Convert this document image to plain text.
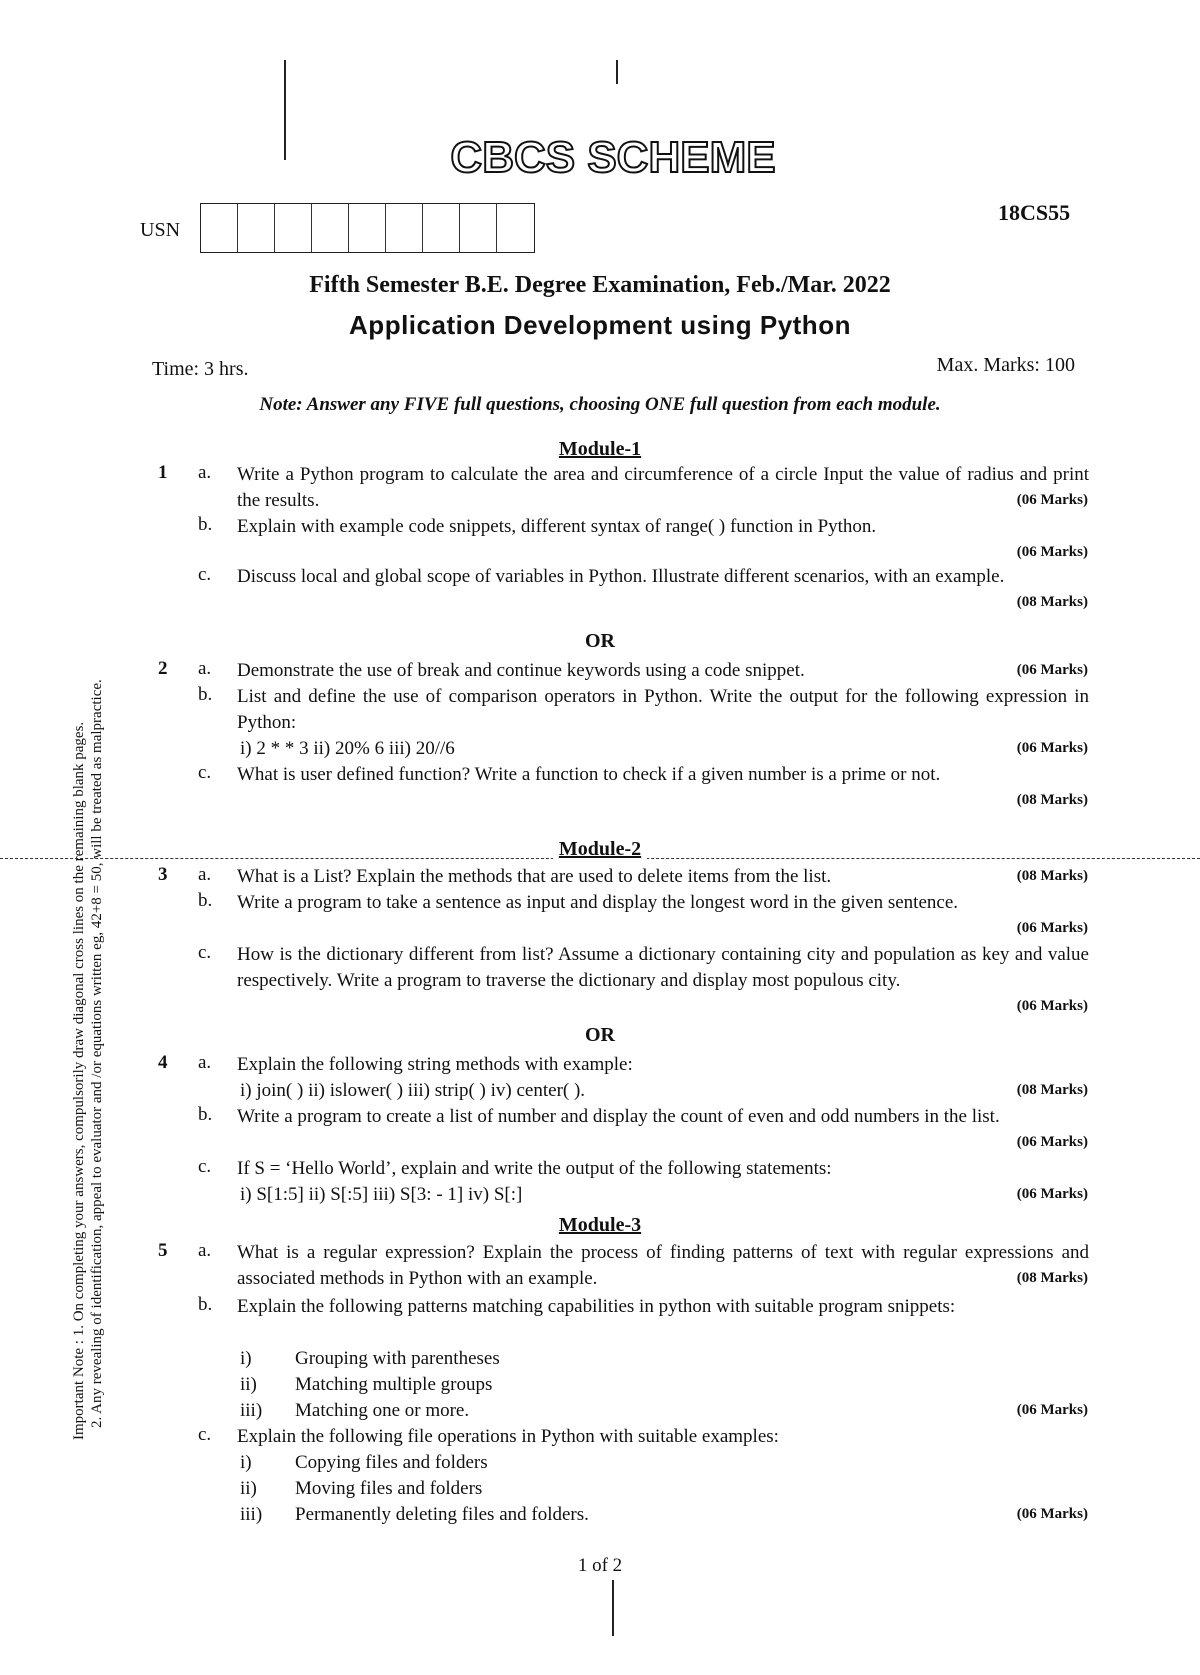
CBCS SCHEME
USN
18CS55
Fifth Semester B.E. Degree Examination, Feb./Mar. 2022
Application Development using Python
Time: 3 hrs.	Max. Marks: 100
Note: Answer any FIVE full questions, choosing ONE full question from each module.
Important Note : 1. On completing your answers, compulsorily draw diagonal cross lines on the remaining blank pages. 2. Any revealing of identification, appeal to evaluator and /or equations written eg, 42+8 = 50, will be treated as malpractice.
Module-1
1 a. Write a Python program to calculate the area and circumference of a circle Input the value of radius and print the results.	(06 Marks)
b. Explain with example code snippets, different syntax of range( ) function in Python.
(06 Marks)
c. Discuss local and global scope of variables in Python. Illustrate different scenarios, with an example.
(08 Marks)
OR
2 a. Demonstrate the use of break and continue keywords using a code snippet.	(06 Marks)
b. List and define the use of comparison operators in Python. Write the output for the following expression in Python:
i) 2 * * 3 ii) 20% 6 iii) 20//6	(06 Marks)
c. What is user defined function? Write a function to check if a given number is a prime or not.
(08 Marks)
Module-2
3 a. What is a List? Explain the methods that are used to delete items from the list.	(08 Marks)
b. Write a program to take a sentence as input and display the longest word in the given sentence.
(06 Marks)
c. How is the dictionary different from list? Assume a dictionary containing city and population as key and value respectively. Write a program to traverse the dictionary and display most populous city.
(06 Marks)
OR
4 a. Explain the following string methods with example:
i) join( ) ii) islower( ) iii) strip( ) iv) center( ).	(08 Marks)
b. Write a program to create a list of number and display the count of even and odd numbers in the list.
(06 Marks)
c. If S = ‘Hello World’, explain and write the output of the following statements:
i) S[1:5] ii) S[:5] iii) S[3: - 1] iv) S[:]	(06 Marks)
Module-3
5 a. What is a regular expression? Explain the process of finding patterns of text with regular expressions and associated methods in Python with an example.	(08 Marks)
b. Explain the following patterns matching capabilities in python with suitable program snippets:
i) Grouping with parentheses
ii) Matching multiple groups
iii) Matching one or more.	(06 Marks)
c. Explain the following file operations in Python with suitable examples:
i) Copying files and folders
ii) Moving files and folders
iii) Permanently deleting files and folders.	(06 Marks)
1 of 2
